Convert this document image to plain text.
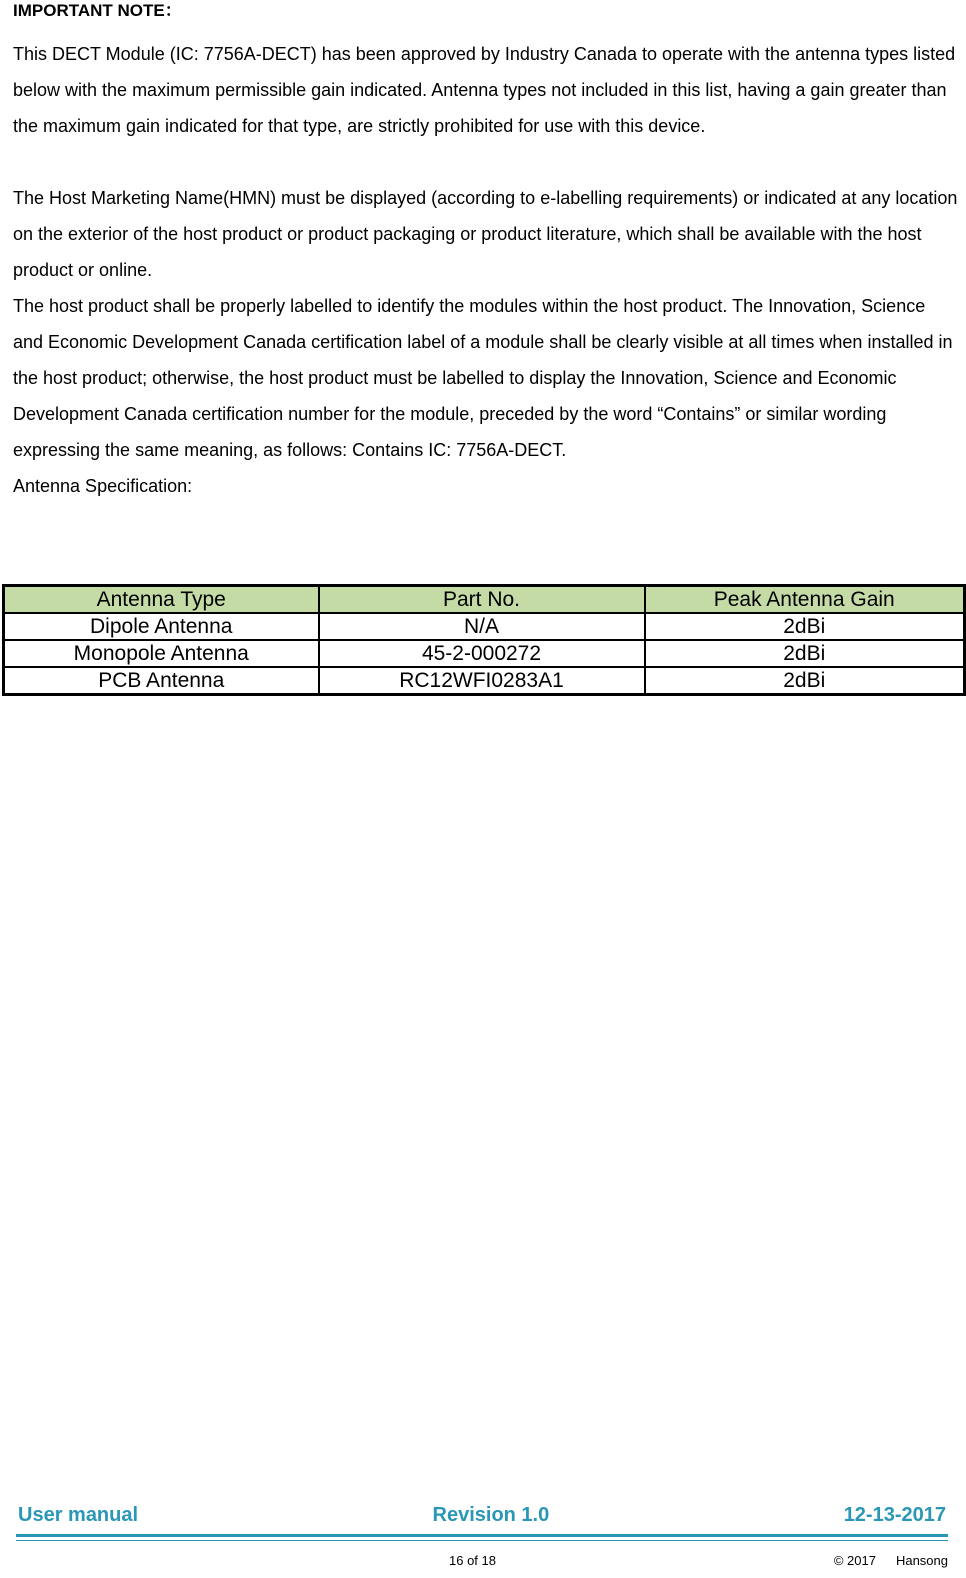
IMPORTANT NOTE：

This DECT Module (IC: 7756A-DECT) has been approved by Industry Canada to operate with the antenna types listed below with the maximum permissible gain indicated. Antenna types not included in this list, having a gain greater than the maximum gain indicated for that type, are strictly prohibited for use with this device.

The Host Marketing Name(HMN) must be displayed (according to e-labelling requirements) or indicated at any location on the exterior of the host product or product packaging or product literature, which shall be available with the host product or online.

The host product shall be properly labelled to identify the modules within the host product. The Innovation, Science and Economic Development Canada certification label of a module shall be clearly visible at all times when installed in the host product; otherwise, the host product must be labelled to display the Innovation, Science and Economic Development Canada certification number for the module, preceded by the word “Contains” or similar wording expressing the same meaning, as follows: Contains IC: 7756A-DECT.

Antenna Specification:

Antenna Type	Part No.	Peak Antenna Gain
Dipole Antenna	N/A	2dBi
Monopole Antenna	45-2-000272	2dBi
PCB Antenna	RC12WFI0283A1	2dBi
User manual	Revision 1.0	12-13-2017
16 of 18	© 2017 Hansong
